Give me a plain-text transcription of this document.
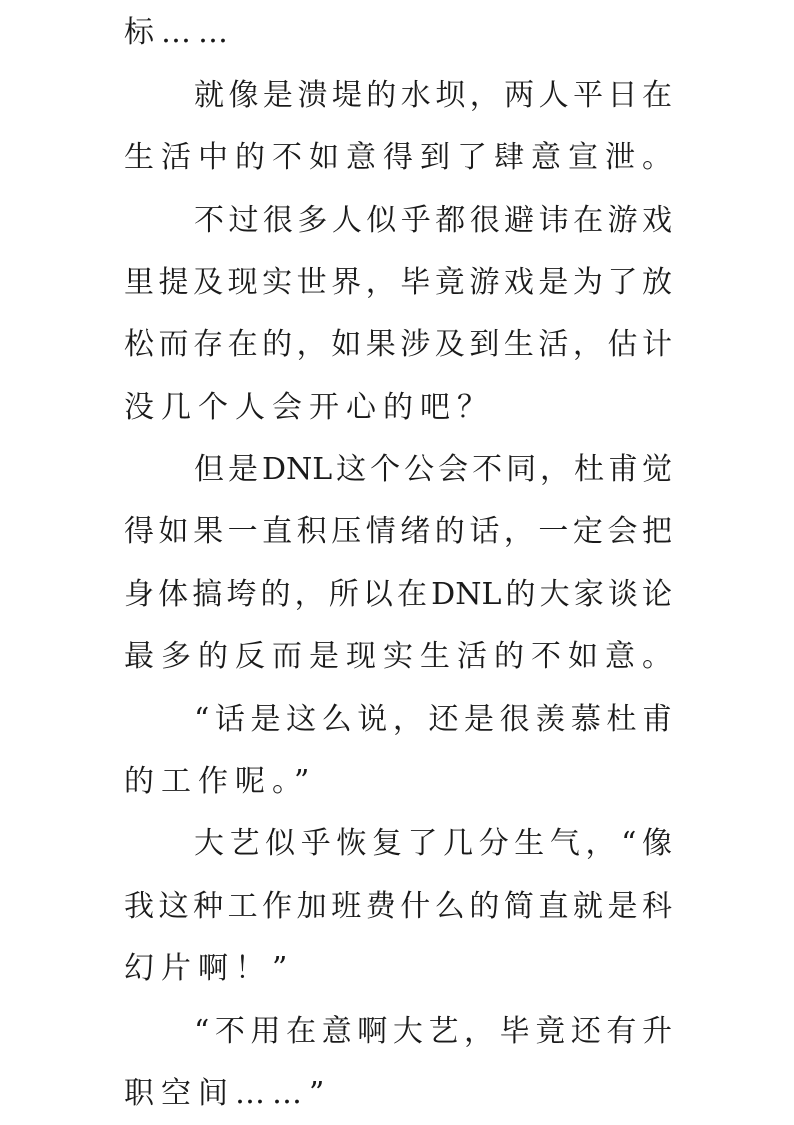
标……
就像是溃堤的水坝，两人平日在
生活中的不如意得到了肆意宣泄。
不过很多人似乎都很避讳在游戏
里提及现实世界，毕竟游戏是为了放
松而存在的，如果涉及到生活，估计
没几个人会开心的吧？
但是DNL这个公会不同，杜甫觉
得如果一直积压情绪的话，一定会把
身体搞垮的，所以在DNL的大家谈论
最多的反而是现实生活的不如意。
“话是这么说，还是很羡慕杜甫
的工作呢。”
大艺似乎恢复了几分生气，“像
我这种工作加班费什么的简直就是科
幻片啊！”
“不用在意啊大艺，毕竟还有升
职空间……”
